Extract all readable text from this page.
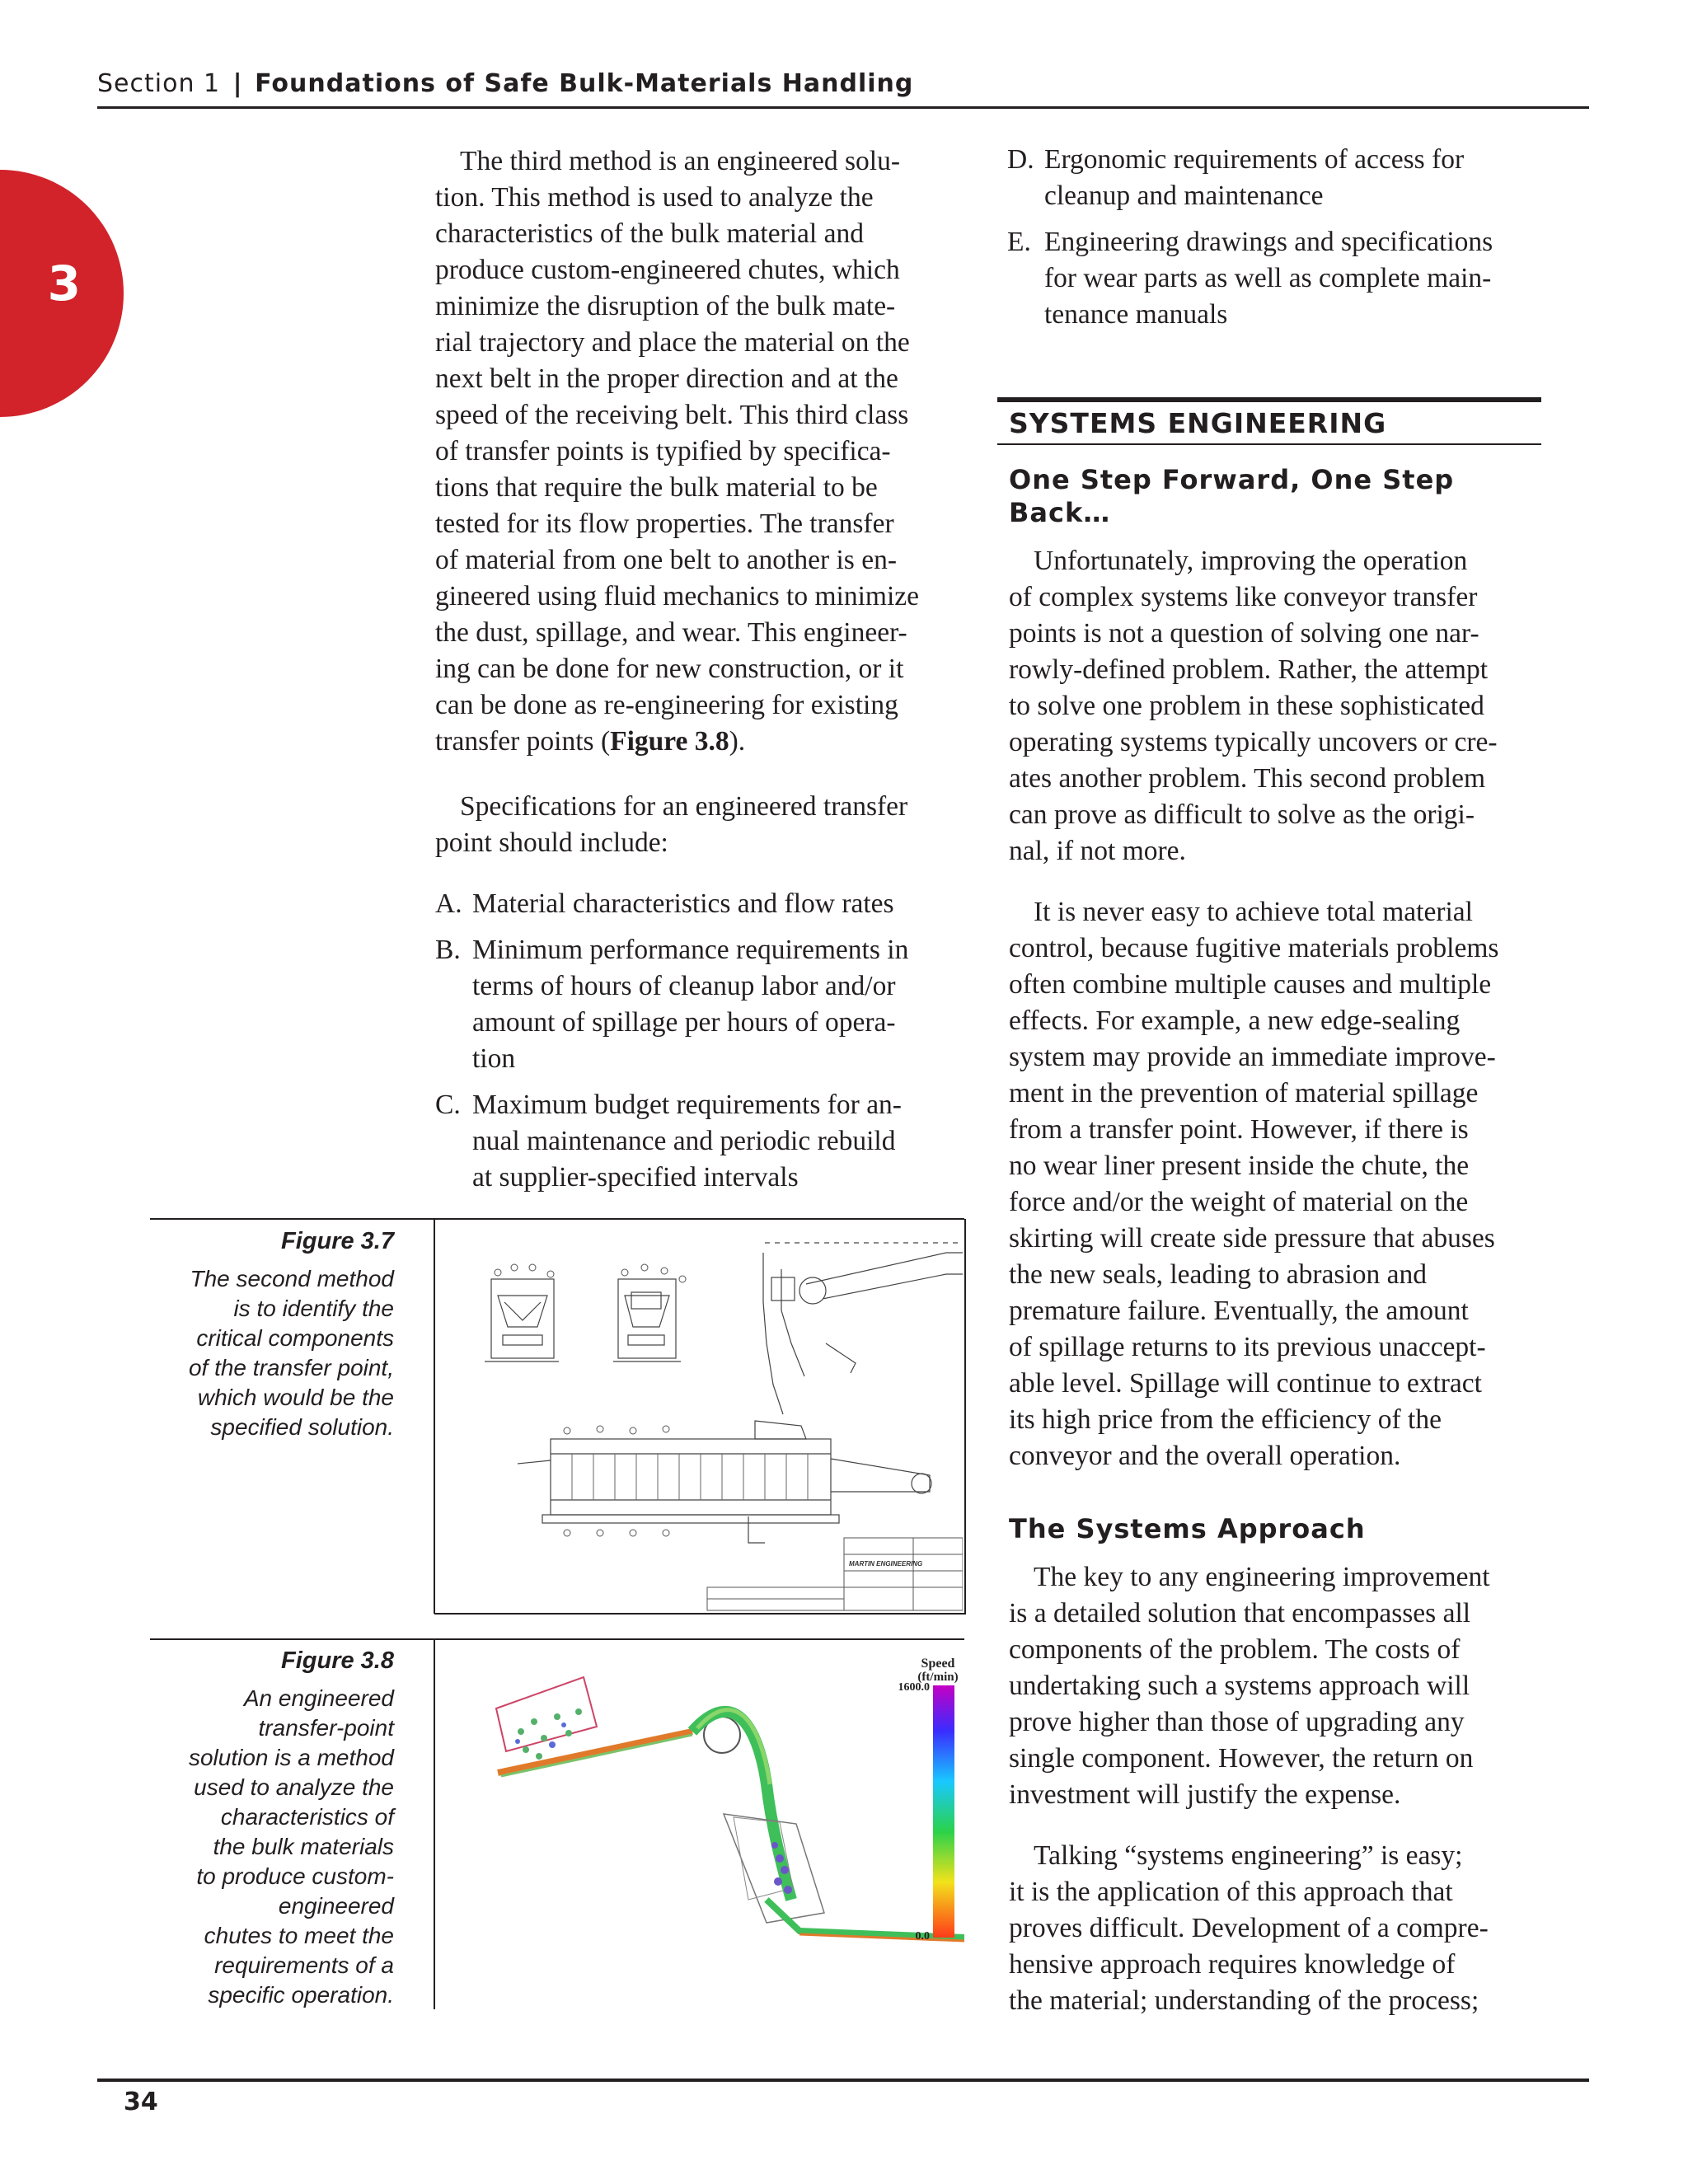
Section 1 | Foundations of Safe Bulk-Materials Handling
3
The third method is an engineered solu-
tion. This method is used to analyze the
characteristics of the bulk material and
produce custom-engineered chutes, which
minimize the disruption of the bulk mate-
rial trajectory and place the material on the
next belt in the proper direction and at the
speed of the receiving belt. This third class
of transfer points is typified by specifica-
tions that require the bulk material to be
tested for its flow properties. The transfer
of material from one belt to another is en-
gineered using fluid mechanics to minimize
the dust, spillage, and wear. This engineer-
ing can be done for new construction, or it
can be done as re-engineering for existing
transfer points (Figure 3.8).
Specifications for an engineered transfer
point should include:
A. Material characteristics and flow rates
B. Minimum performance requirements in
terms of hours of cleanup labor and/or
amount of spillage per hours of opera-
tion
C. Maximum budget requirements for an-
nual maintenance and periodic rebuild
at supplier-specified intervals
D. Ergonomic requirements of access for
cleanup and maintenance
E. Engineering drawings and specifications
for wear parts as well as complete main-
tenance manuals
SYSTEMS ENGINEERING
One Step Forward, One Step
Back…
Unfortunately, improving the operation
of complex systems like conveyor transfer
points is not a question of solving one nar-
rowly-defined problem. Rather, the attempt
to solve one problem in these sophisticated
operating systems typically uncovers or cre-
ates another problem. This second problem
can prove as difficult to solve as the origi-
nal, if not more.
It is never easy to achieve total material
control, because fugitive materials problems
often combine multiple causes and multiple
effects. For example, a new edge-sealing
system may provide an immediate improve-
ment in the prevention of material spillage
from a transfer point. However, if there is
no wear liner present inside the chute, the
force and/or the weight of material on the
skirting will create side pressure that abuses
the new seals, leading to abrasion and
premature failure. Eventually, the amount
of spillage returns to its previous unaccept-
able level. Spillage will continue to extract
its high price from the efficiency of the
conveyor and the overall operation.
The Systems Approach
The key to any engineering improvement
is a detailed solution that encompasses all
components of the problem. The costs of
undertaking such a systems approach will
prove higher than those of upgrading any
single component. However, the return on
investment will justify the expense.
Talking “systems engineering” is easy;
it is the application of this approach that
proves difficult. Development of a compre-
hensive approach requires knowledge of
the material; understanding of the process;
Figure 3.7
The second method
is to identify the
critical components
of the transfer point,
which would be the
specified solution.
MARTIN ENGINEERING
Figure 3.8
An engineered
transfer-point
solution is a method
used to analyze the
characteristics of
the bulk materials
to produce custom-
engineered
chutes to meet the
requirements of a
specific operation.
Speed
(ft/min)
1600.0
0.0
34
